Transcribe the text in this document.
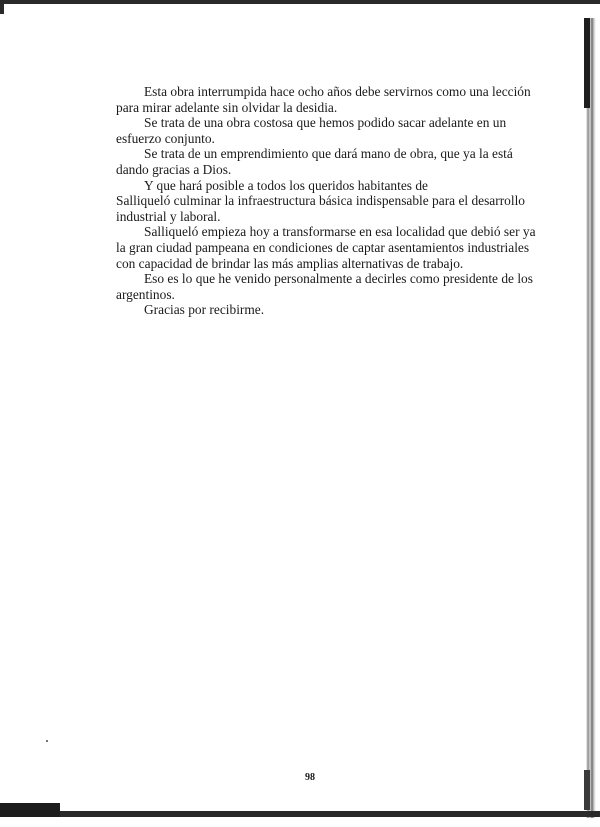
Esta obra interrumpida hace ocho años debe servirnos como una lección
para mirar adelante sin olvidar la desidia.
Se trata de una obra costosa que hemos podido sacar adelante en un
esfuerzo conjunto.
Se trata de un emprendimiento que dará mano de obra, que ya la está
dando gracias a Dios.
Y que hará posible a todos los queridos habitantes de
Salliqueló culminar la infraestructura básica indispensable para el desarrollo
industrial y laboral.
Salliqueló empieza hoy a transformarse en esa localidad que debió ser ya
la gran ciudad pampeana en condiciones de captar asentamientos industriales
con capacidad de brindar las más amplias alternativas de trabajo.
Eso es lo que he venido personalmente a decirles como presidente de los
argentinos.
Gracias por recibirme.
98
